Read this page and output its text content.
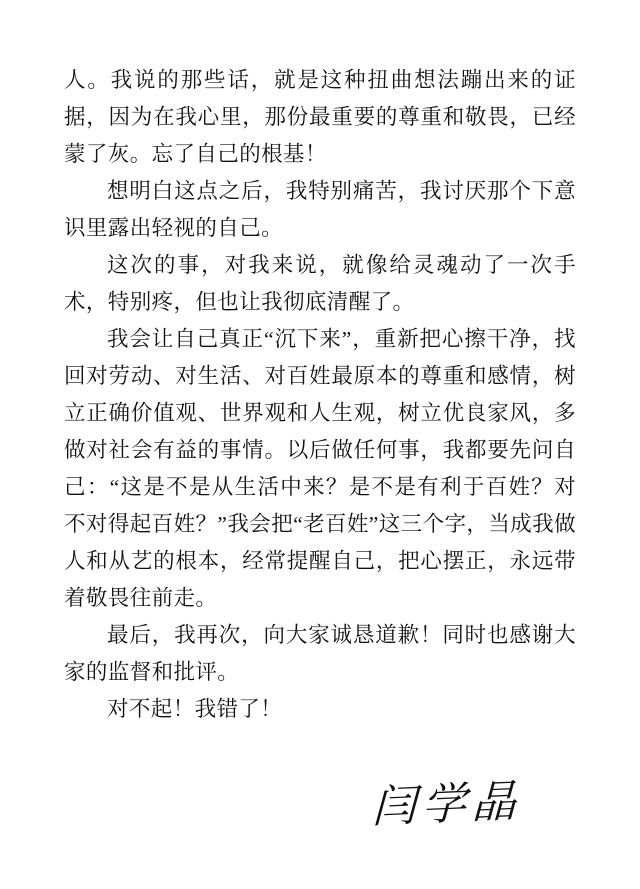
人。我说的那些话，就是这种扭曲想法蹦出来的证据，因为在我心里，那份最重要的尊重和敬畏，已经蒙了灰。忘了自己的根基！

想明白这点之后，我特别痛苦，我讨厌那个下意识里露出轻视的自己。

这次的事，对我来说，就像给灵魂动了一次手术，特别疼，但也让我彻底清醒了。

我会让自己真正“沉下来”，重新把心擦干净，找回对劳动、对生活、对百姓最原本的尊重和感情，树立正确价值观、世界观和人生观，树立优良家风，多做对社会有益的事情。以后做任何事，我都要先问自己：“这是不是从生活中来？是不是有利于百姓？对不对得起百姓？”我会把“老百姓”这三个字，当成我做人和从艺的根本，经常提醒自己，把心摆正，永远带着敬畏往前走。

最后，我再次，向大家诚恳道歉！同时也感谢大家的监督和批评。

对不起！我错了！

闫学晶
